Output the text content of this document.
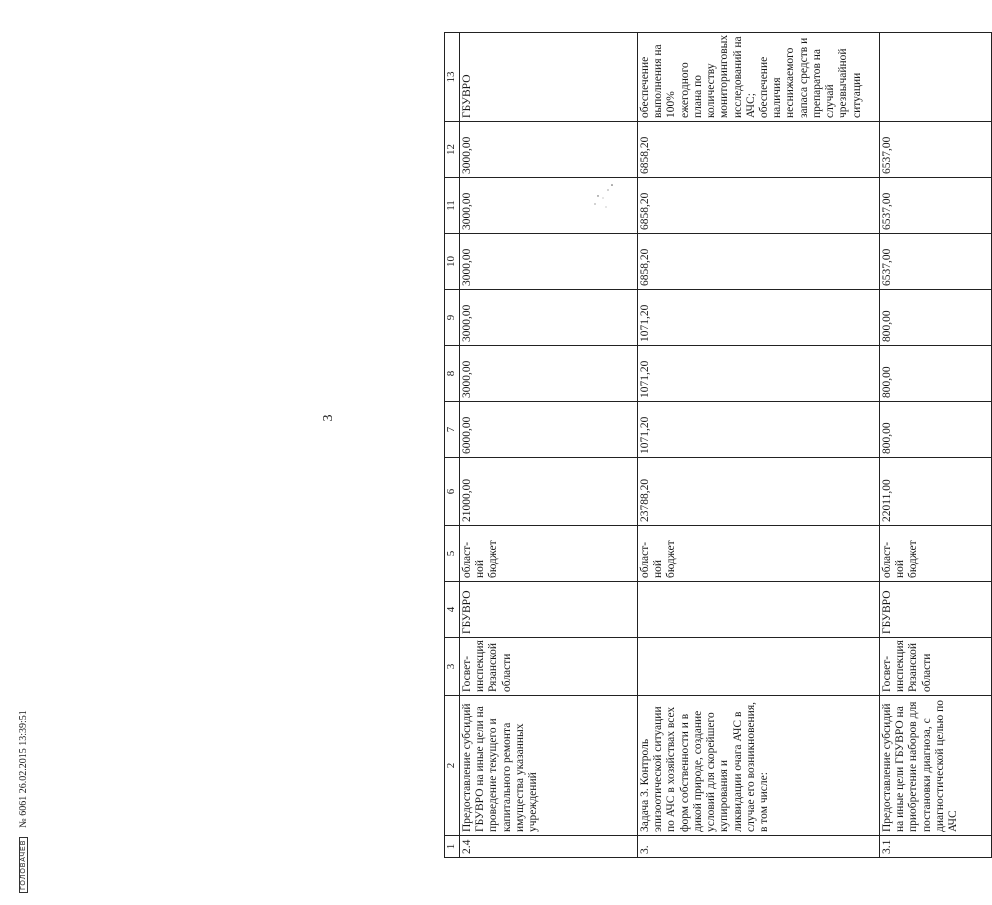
3
1	2	3	4	5	6	7	8	9	10	11	12	13
2.4	Предоставление субсидий ГБУВРО на иные цели на проведение текущего и капитального ремонта имущества указанных учреждений	Госвет-инспекция Рязанской области	ГБУВРО	област-ной бюджет	21000,00	6000,00	3000,00	3000,00	3000,00	3000,00	3000,00	ГБУВРО
3.	Задача 3. Контроль эпизоотической ситуации по АЧС в хозяйствах всех форм собственности и в дикой природе, создание условий для скорейшего купирования и ликвидации очага АЧС в случае его возникновения, в том числе:			област-ной бюджет	23788,20	1071,20	1071,20	1071,20	6858,20	6858,20	6858,20	обеспечение выполнения на 100% ежегодного плана по количеству мониторинговых исследований на АЧС; обеспечение наличия неснижаемого запаса средств и препаратов на случай чрезвычайной ситуации
3.1	Предоставление субсидий на иные цели ГБУВРО на приобретение наборов для постановки диагноза, с диагностической целью по АЧС	Госвет-инспекция Рязанской области	ГБУВРО	област-ной бюджет	22011,00	800,00	800,00	800,00	6537,00	6537,00	6537,00	
ГОЛОВАЧЕВ № 6061 26.02.2015 13:39:51
